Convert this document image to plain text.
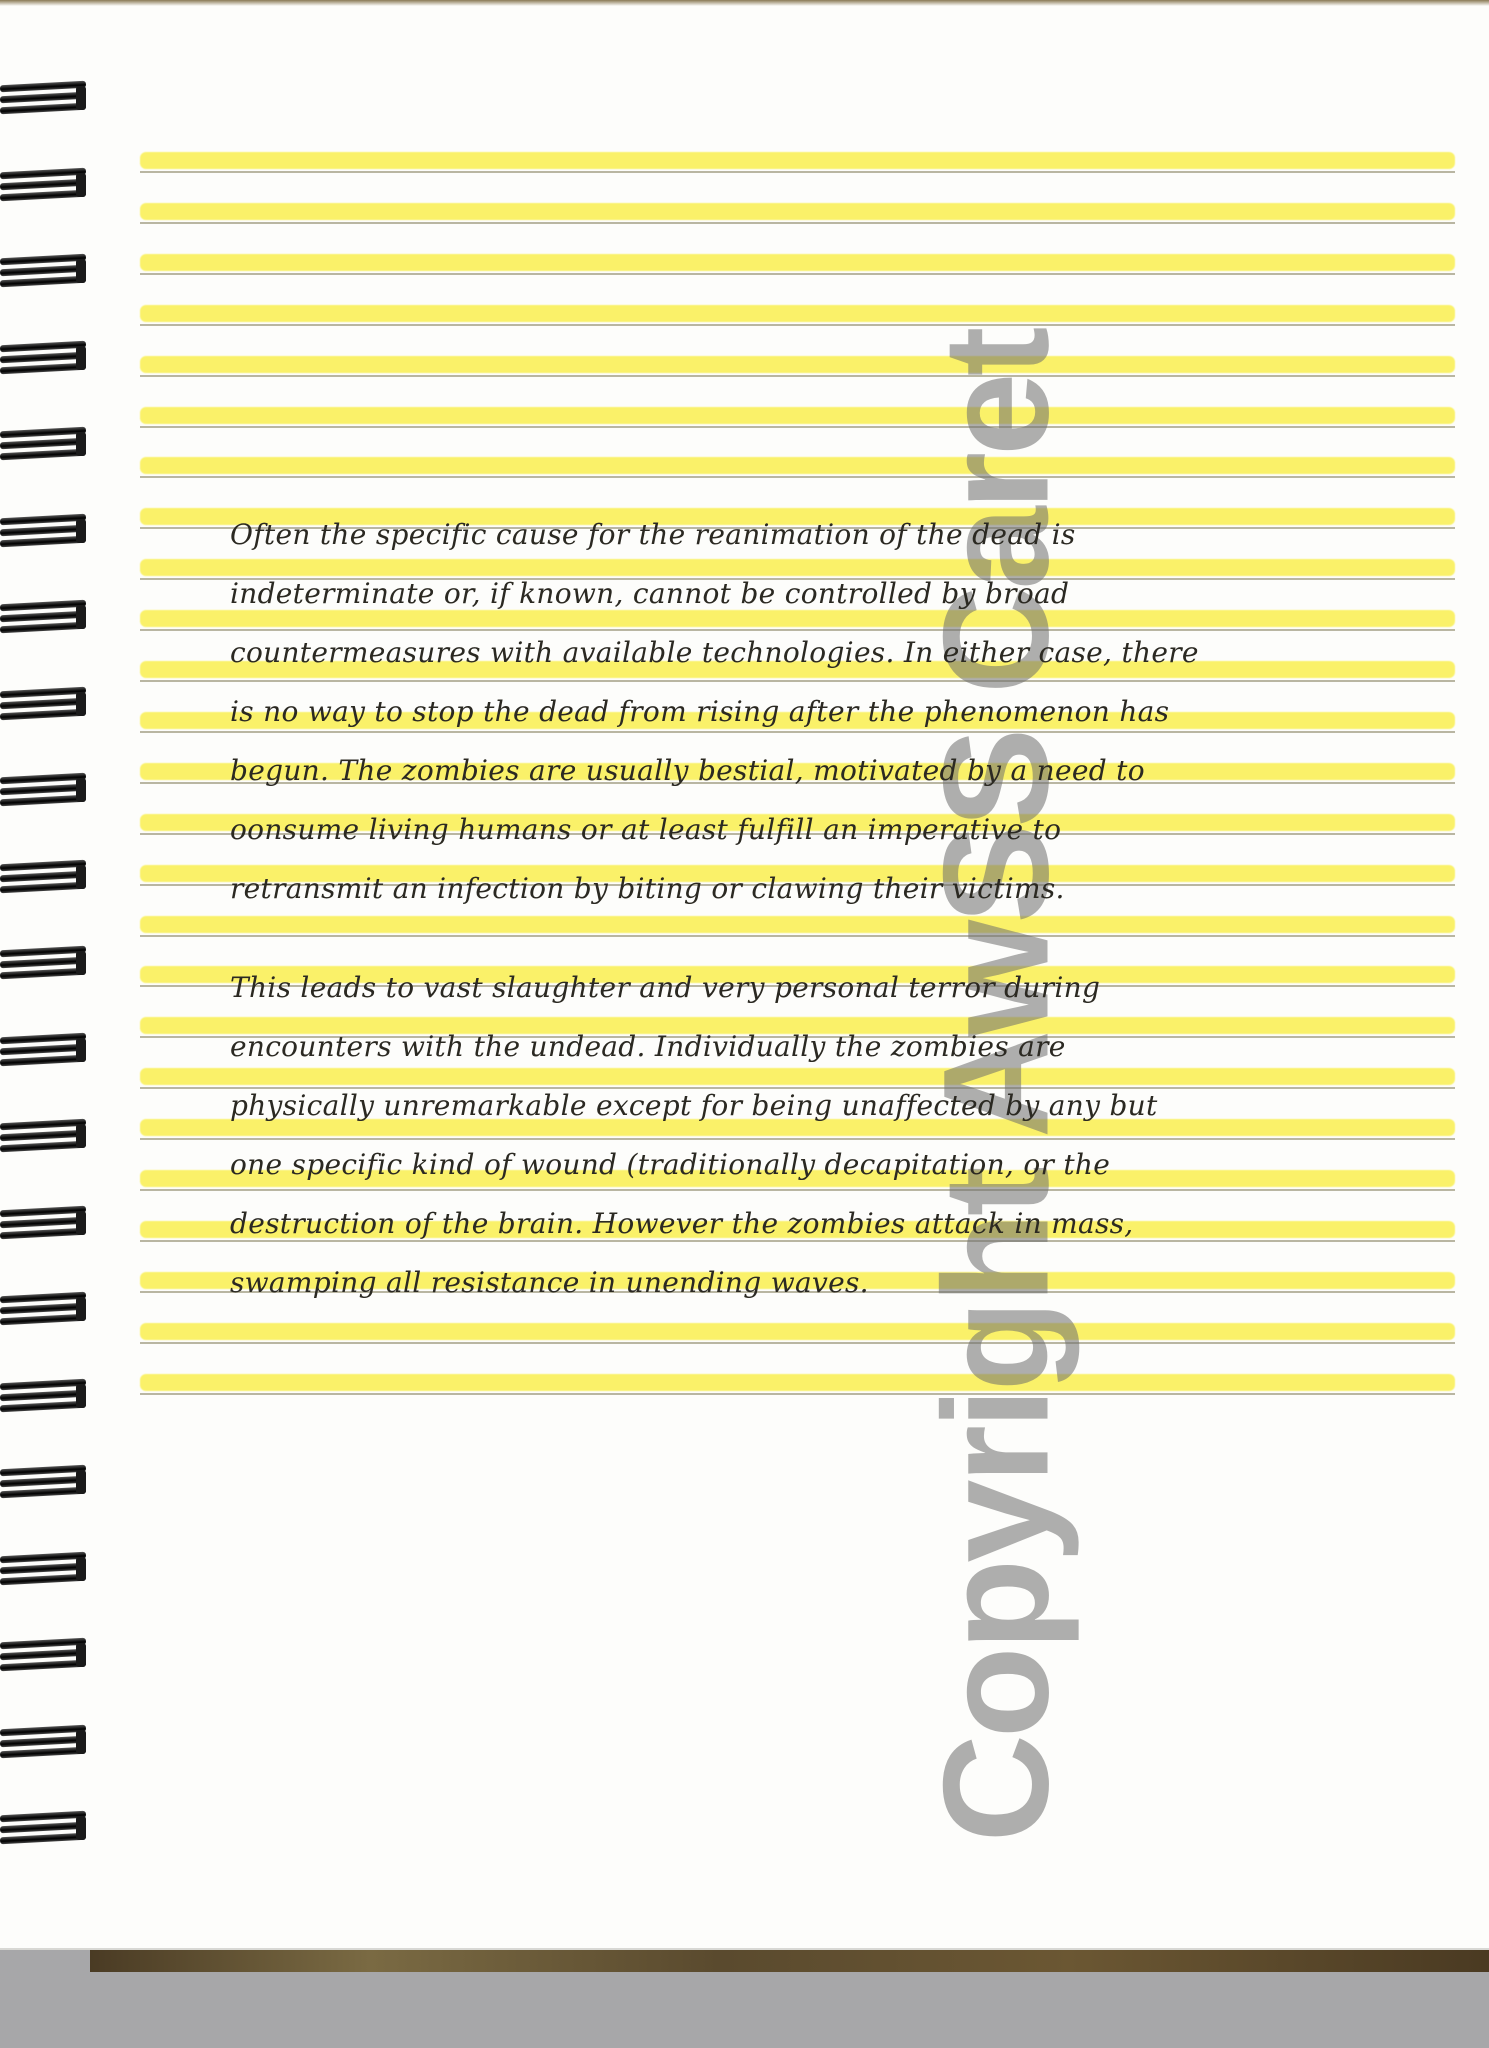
Copyright AwSS Caret

Often the specific cause for the reanimation of the dead is

indeterminate or, if known, cannot be controlled by broad

countermeasures with available technologies. In either case, there

is no way to stop the dead from rising after the phenomenon has

begun. The zombies are usually bestial, motivated by a need to

oonsume living humans or at least fulfill an imperative to

retransmit an infection by biting or clawing their victims.

This leads to vast slaughter and very personal terror during

encounters with the undead. Individually the zombies are

physically unremarkable except for being unaffected by any but

one specific kind of wound (traditionally decapitation, or the

destruction of the brain. However the zombies attack in mass,

swamping all resistance in unending waves.
